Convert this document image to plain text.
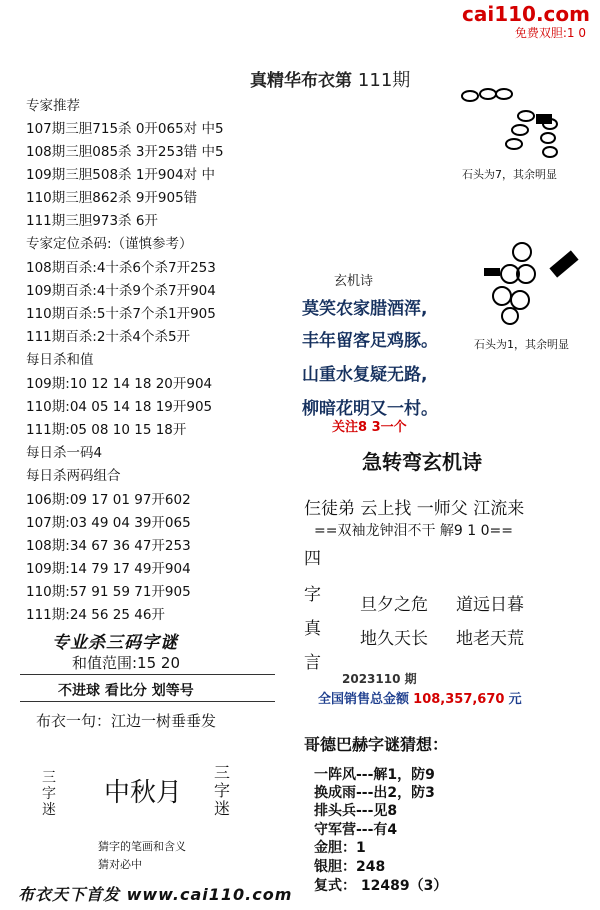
cai110.com
免费双胆:1 0
真精华布衣第 111期
专家推荐
107期三胆715杀 0开065对 中5
108期三胆085杀 3开253错 中5
109期三胆508杀 1开904对 中
110期三胆862杀 9开905错
111期三胆973杀 6开
专家定位杀码:（谨慎参考）
108期百杀:4十杀6个杀7开253
109期百杀:4十杀9个杀7开904
110期百杀:5十杀7个杀1开905
111期百杀:2十杀4个杀5开
每日杀和值
109期:10 12 14 18 20开904
110期:04 05 14 18 19开905
111期:05 08 10 15 18开
每日杀一码4
每日杀两码组合
106期:09 17 01 97开602
107期:03 49 04 39开065
108期:34 67 36 47开253
109期:14 79 17 49开904
110期:57 91 59 71开905
111期:24 56 25 46开
专业杀三码字谜
和值范围:15 20
不进球 看比分 划等号
布衣一句：江边一树垂垂发
三字迷
中秋月
三字迷
猜字的笔画和含义
猜对必中
石头为7，其余明显
石头为1，其余明显
玄机诗
莫笑农家腊酒浑,
丰年留客足鸡豚。
山重水复疑无路,
柳暗花明又一村。
关注8 3一个
急转弯玄机诗
仨徒弟 云上找 一师父 江流来
==双袖龙钟泪不干 解9 1 0==
四
字
真
言
旦夕之危 道远日暮
地久天长 地老天荒
2023110 期
全国销售总金额 108,357,670 元
哥德巴赫字谜猜想：
一阵风---解1，防9
换成雨---出2，防3
排头兵---见8
守军营---有4
金胆：1
银胆：248
复式： 12489（3）
布衣天下首发 www.cai110.com
